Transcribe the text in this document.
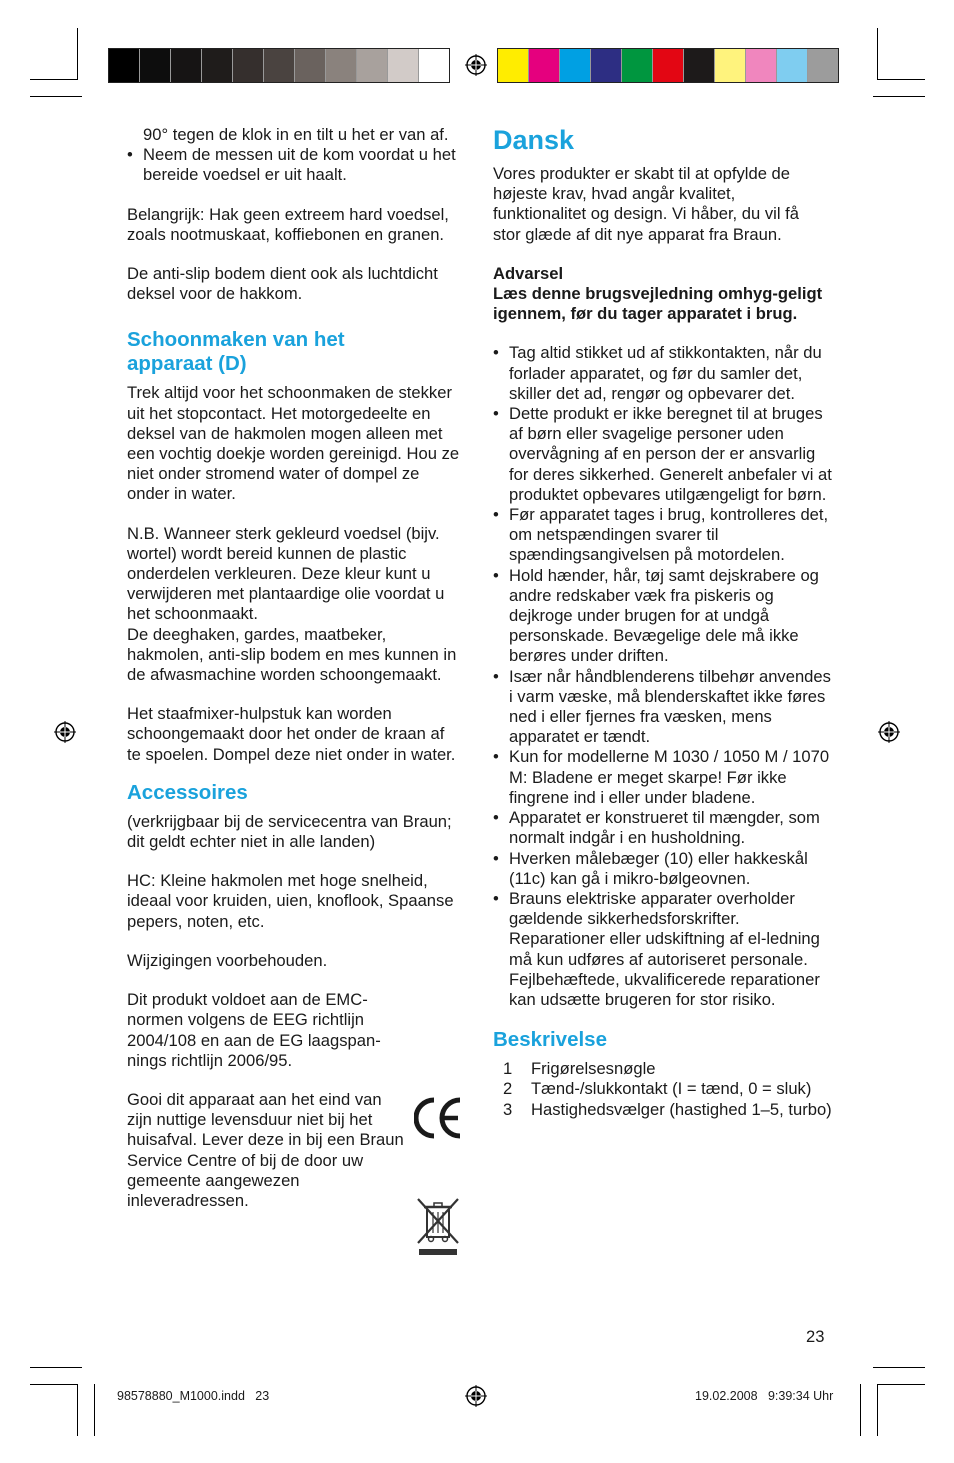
90° tegen de klok in en tilt u het er van af.

• Neem de messen uit de kom voordat u het bereide voedsel er uit haalt.

Belangrijk: Hak geen extreem hard voedsel, zoals nootmuskaat, koffiebonen en granen.

De anti-slip bodem dient ook als luchtdicht deksel voor de hakkom.

Schoonmaken van het apparaat (D)

Trek altijd voor het schoonmaken de stekker uit het stopcontact. Het motorgedeelte en deksel van de hakmolen mogen alleen met een vochtig doekje worden gereinigd. Hou ze niet onder stromend water of dompel ze onder in water.

N.B. Wanneer sterk gekleurd voedsel (bijv. wortel) wordt bereid kunnen de plastic onderdelen verkleuren. Deze kleur kunt u verwijderen met plantaardige olie voordat u het schoonmaakt.

De deeghaken, gardes, maatbeker, hakmolen, anti-slip bodem en mes kunnen in de afwasmachine worden schoongemaakt.

Het staafmixer-hulpstuk kan worden schoongemaakt door het onder de kraan af te spoelen. Dompel deze niet onder in water.

Accessoires

(verkrijgbaar bij de servicecentra van Braun; dit geldt echter niet in alle landen)

HC: Kleine hakmolen met hoge snelheid, ideaal voor kruiden, uien, knoflook, Spaanse pepers, noten, etc.

Wijzigingen voorbehouden.

Dit produkt voldoet aan de EMC-normen volgens de EEG richtlijn 2004/108 en aan de EG laagspan-nings richtlijn 2006/95.

Gooi dit apparaat aan het eind van zijn nuttige levensduur niet bij het huisafval. Lever deze in bij een Braun Service Centre of bij de door uw gemeente aangewezen inleveradressen.

Dansk

Vores produkter er skabt til at opfylde de højeste krav, hvad angår kvalitet, funktionalitet og design. Vi håber, du vil få stor glæde af dit nye apparat fra Braun.

Advarsel

Læs denne brugsvejledning omhyg-geligt igennem, før du tager apparatet i brug.

• Tag altid stikket ud af stikkontakten, når du forlader apparatet, og før du samler det, skiller det ad, rengør og opbevarer det.

• Dette produkt er ikke beregnet til at bruges af børn eller svagelige personer uden overvågning af en person der er ansvarlig for deres sikkerhed. Generelt anbefaler vi at produktet opbevares utilgængeligt for børn.

• Før apparatet tages i brug, kontrolleres det, om netspændingen svarer til spændingsangivelsen på motordelen.

• Hold hænder, hår, tøj samt dejskrabere og andre redskaber væk fra piskeris og dejkroge under brugen for at undgå personskade. Bevægelige dele må ikke berøres under driften.

• Især når håndblenderens tilbehør anvendes i varm væske, må blenderskaftet ikke føres ned i eller fjernes fra væsken, mens apparatet er tændt.

• Kun for modellerne M 1030 / 1050 M / 1070 M: Bladene er meget skarpe! Før ikke fingrene ind i eller under bladene.

• Apparatet er konstrueret til mængder, som normalt indgår i en husholdning.

• Hverken målebæger (10) eller hakkeskål (11c) kan gå i mikro-bølgeovnen.

• Brauns elektriske apparater overholder gældende sikkerhedsforskrifter. Reparationer eller udskiftning af el-ledning må kun udføres af autoriseret personale. Fejlbehæftede, ukvalificerede reparationer kan udsætte brugeren for stor risiko.

Beskrivelse

1	Frigørelsesnøgle
2	Tænd-/slukkontakt (I = tænd, 0 = sluk)
3	Hastighedsvælger (hastighed 1–5, turbo)
23
98578880_M1000.indd   23	19.02.2008   9:39:34 Uhr
